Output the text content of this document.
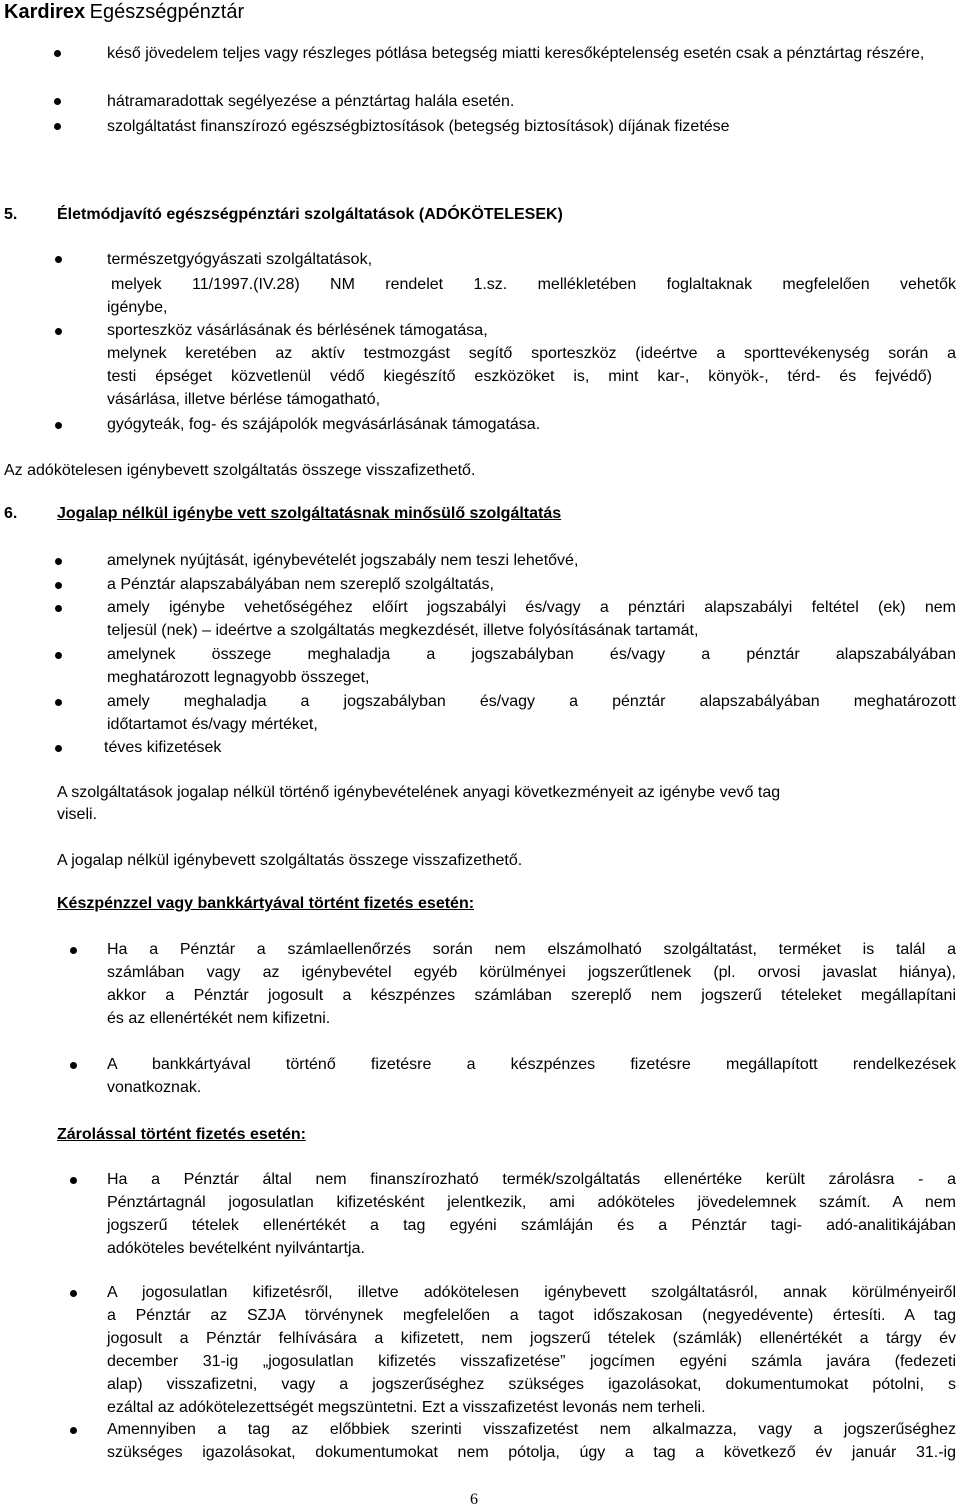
Kardirex Egészségpénztár
késő jövedelem teljes vagy részleges pótlása betegség miatti keresőképtelenség esetén csak a pénztártag részére,
hátramaradottak segélyezése a pénztártag halála esetén.
szolgáltatást finanszírozó egészségbiztosítások (betegség biztosítások) díjának fizetése
5. Életmódjavító egészségpénztári szolgáltatások (ADÓKÖTELESEK)
természetgyógyászati szolgáltatások,
melyek 11/1997.(IV.28) NM rendelet 1.sz. mellékletében foglaltaknak megfelelően vehetők
igénybe,
sporteszköz vásárlásának és bérlésének támogatása,
melynek keretében az aktív testmozgást segítő sporteszköz (ideértve a sporttevékenység során a
testi épséget közvetlenül védő kiegészítő eszközöket is, mint kar-, könyök-, térd- és fejvédő)
vásárlása, illetve bérlése támogatható,
gyógyteák, fog- és szájápolók megvásárlásának támogatása.
Az adókötelesen igénybevett szolgáltatás összege visszafizethető.
6. Jogalap nélkül igénybe vett szolgáltatásnak minősülő szolgáltatás
amelynek nyújtását, igénybevételét jogszabály nem teszi lehetővé,
a Pénztár alapszabályában nem szereplő szolgáltatás,
amely igénybe vehetőségéhez előírt jogszabályi és/vagy a pénztári alapszabályi feltétel (ek) nem
teljesül (nek) – ideértve a szolgáltatás megkezdését, illetve folyósításának tartamát,
amelynek összege meghaladja a jogszabályban és/vagy a pénztár alapszabályában
meghatározott legnagyobb összeget,
amely meghaladja a jogszabályban és/vagy a pénztár alapszabályában meghatározott
időtartamot és/vagy mértéket,
téves kifizetések
A szolgáltatások jogalap nélkül történő igénybevételének anyagi következményeit az igénybe vevő tag
viseli.
A jogalap nélkül igénybevett szolgáltatás összege visszafizethető.
Készpénzzel vagy bankkártyával történt fizetés esetén:
Ha a Pénztár a számlaellenőrzés során nem elszámolható szolgáltatást, terméket is talál a
számlában vagy az igénybevétel egyéb körülményei jogszerűtlenek (pl. orvosi javaslat hiánya),
akkor a Pénztár jogosult a készpénzes számlában szereplő nem jogszerű tételeket megállapítani
és az ellenértékét nem kifizetni.
A bankkártyával történő fizetésre a készpénzes fizetésre megállapított rendelkezések
vonatkoznak.
Zárolással történt fizetés esetén:
Ha a Pénztár által nem finanszírozható termék/szolgáltatás ellenértéke került zárolásra - a
Pénztártagnál jogosulatlan kifizetésként jelentkezik, ami adóköteles jövedelemnek számít. A nem
jogszerű tételek ellenértékét a tag egyéni számláján és a Pénztár tagi- adó-analitikájában
adóköteles bevételként nyilvántartja.
A jogosulatlan kifizetésről, illetve adókötelesen igénybevett szolgáltatásról, annak körülményeiről
a Pénztár az SZJA törvénynek megfelelően a tagot időszakosan (negyedévente) értesíti. A tag
jogosult a Pénztár felhívására a kifizetett, nem jogszerű tételek (számlák) ellenértékét a tárgy év
december 31-ig „jogosulatlan kifizetés visszafizetése” jogcímen egyéni számla javára (fedezeti
alap) visszafizetni, vagy a jogszerűséghez szükséges igazolásokat, dokumentumokat pótolni, s
ezáltal az adókötelezettségét megszüntetni. Ezt a visszafizetést levonás nem terheli.
Amennyiben a tag az előbbiek szerinti visszafizetést nem alkalmazza, vagy a jogszerűséghez
szükséges igazolásokat, dokumentumokat nem pótolja, úgy a tag a következő év január 31.-ig
6
